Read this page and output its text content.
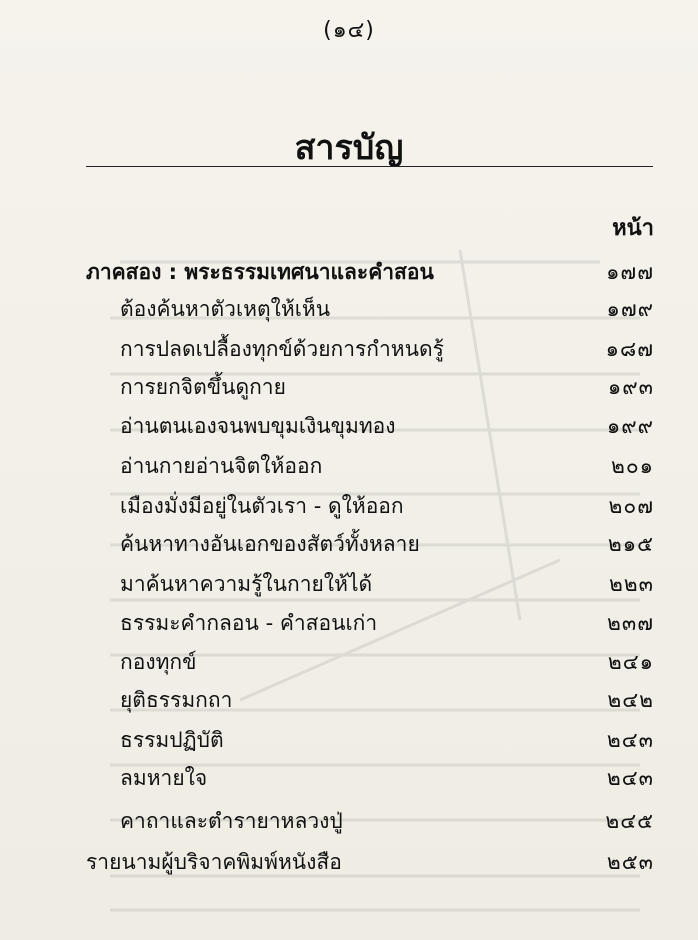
(๑๔)
สารบัญ
หน้า
ภาคสอง : พระธรรมเทศนาและคำสอน	๑๗๗
ต้องค้นหาตัวเหตุให้เห็น	๑๗๙
การปลดเปลื้องทุกข์ด้วยการกำหนดรู้	๑๘๗
การยกจิตขึ้นดูกาย	๑๙๓
อ่านตนเองจนพบขุมเงินขุมทอง	๑๙๙
อ่านกายอ่านจิตให้ออก	๒๐๑
เมืองมั่งมีอยู่ในตัวเรา - ดูให้ออก	๒๐๗
ค้นหาทางอันเอกของสัตว์ทั้งหลาย	๒๑๕
มาค้นหาความรู้ในกายให้ได้	๒๒๓
ธรรมะคำกลอน - คำสอนเก่า	๒๓๗
กองทุกข์	๒๔๑
ยุติธรรมกถา	๒๔๒
ธรรมปฏิบัติ	๒๔๓
ลมหายใจ	๒๔๓
คาถาและตำรายาหลวงปู่	๒๔๕
รายนามผู้บริจาคพิมพ์หนังสือ	๒๕๓
